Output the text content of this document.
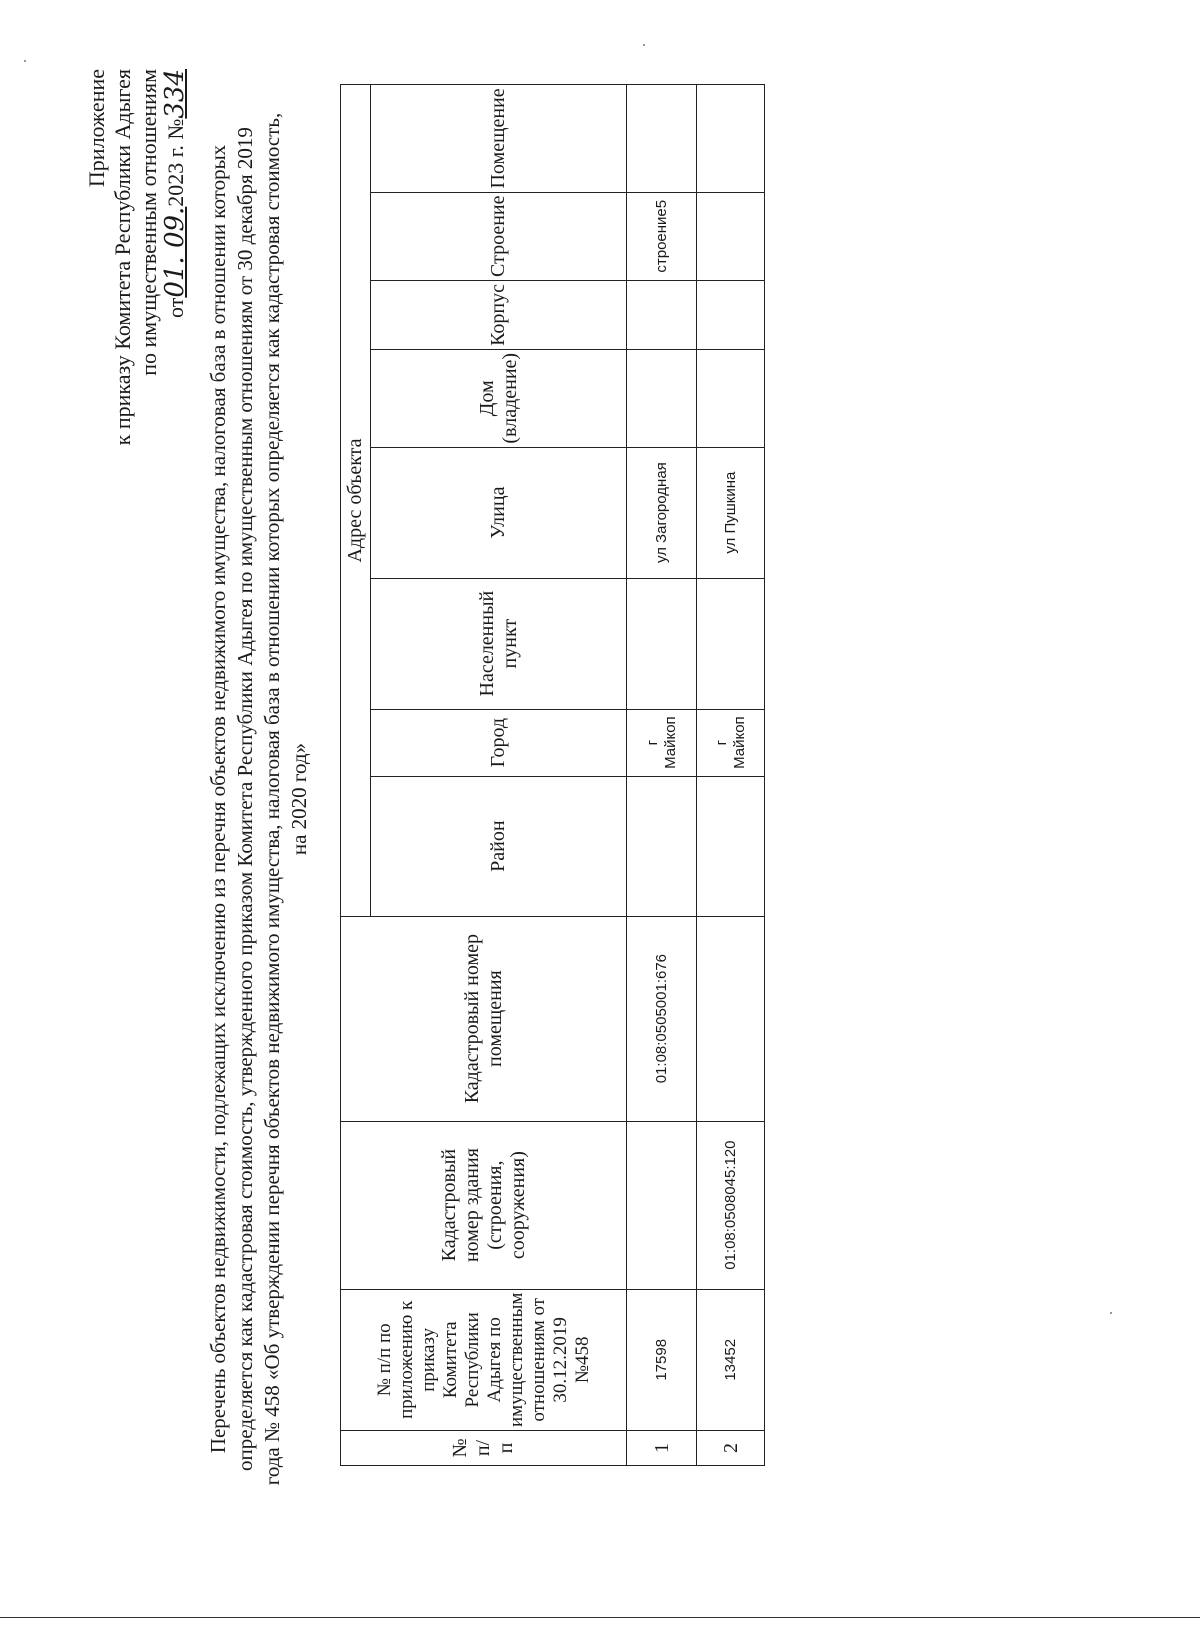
Приложение к приказу Комитета Республики Адыгея по имущественным отношениям от01. 09.2023 г. №334
Перечень объектов недвижимости, подлежащих исключению из перечня объектов недвижимого имущества, налоговая база в отношении которых определяется как кадастровая стоимость, утвержденного приказом Комитета Республики Адыгея по имущественным отношениям от 30 декабря 2019 года № 458 «Об утверждении перечня объектов недвижимого имущества, налоговая база в отношении которых определяется как кадастровая стоимость, на 2020 год»
№ п/ п	№ п/п по приложению к приказу Комитета Республики Адыгея по имущественным отношениям от 30.12.2019 №458	Кадастровый номер здания (строения, сооружения)	Кадастровый номер помещения	Адрес объекта							
				Район	Город	Населенный пункт	Улица	Дом (владение)	Корпус	Строение	Помещение
1	17598		01:08:0505001:676		г Майкоп		ул Загородная			строение5	
2	13452	01:08:0508045:120			г Майкоп		ул Пушкина				
